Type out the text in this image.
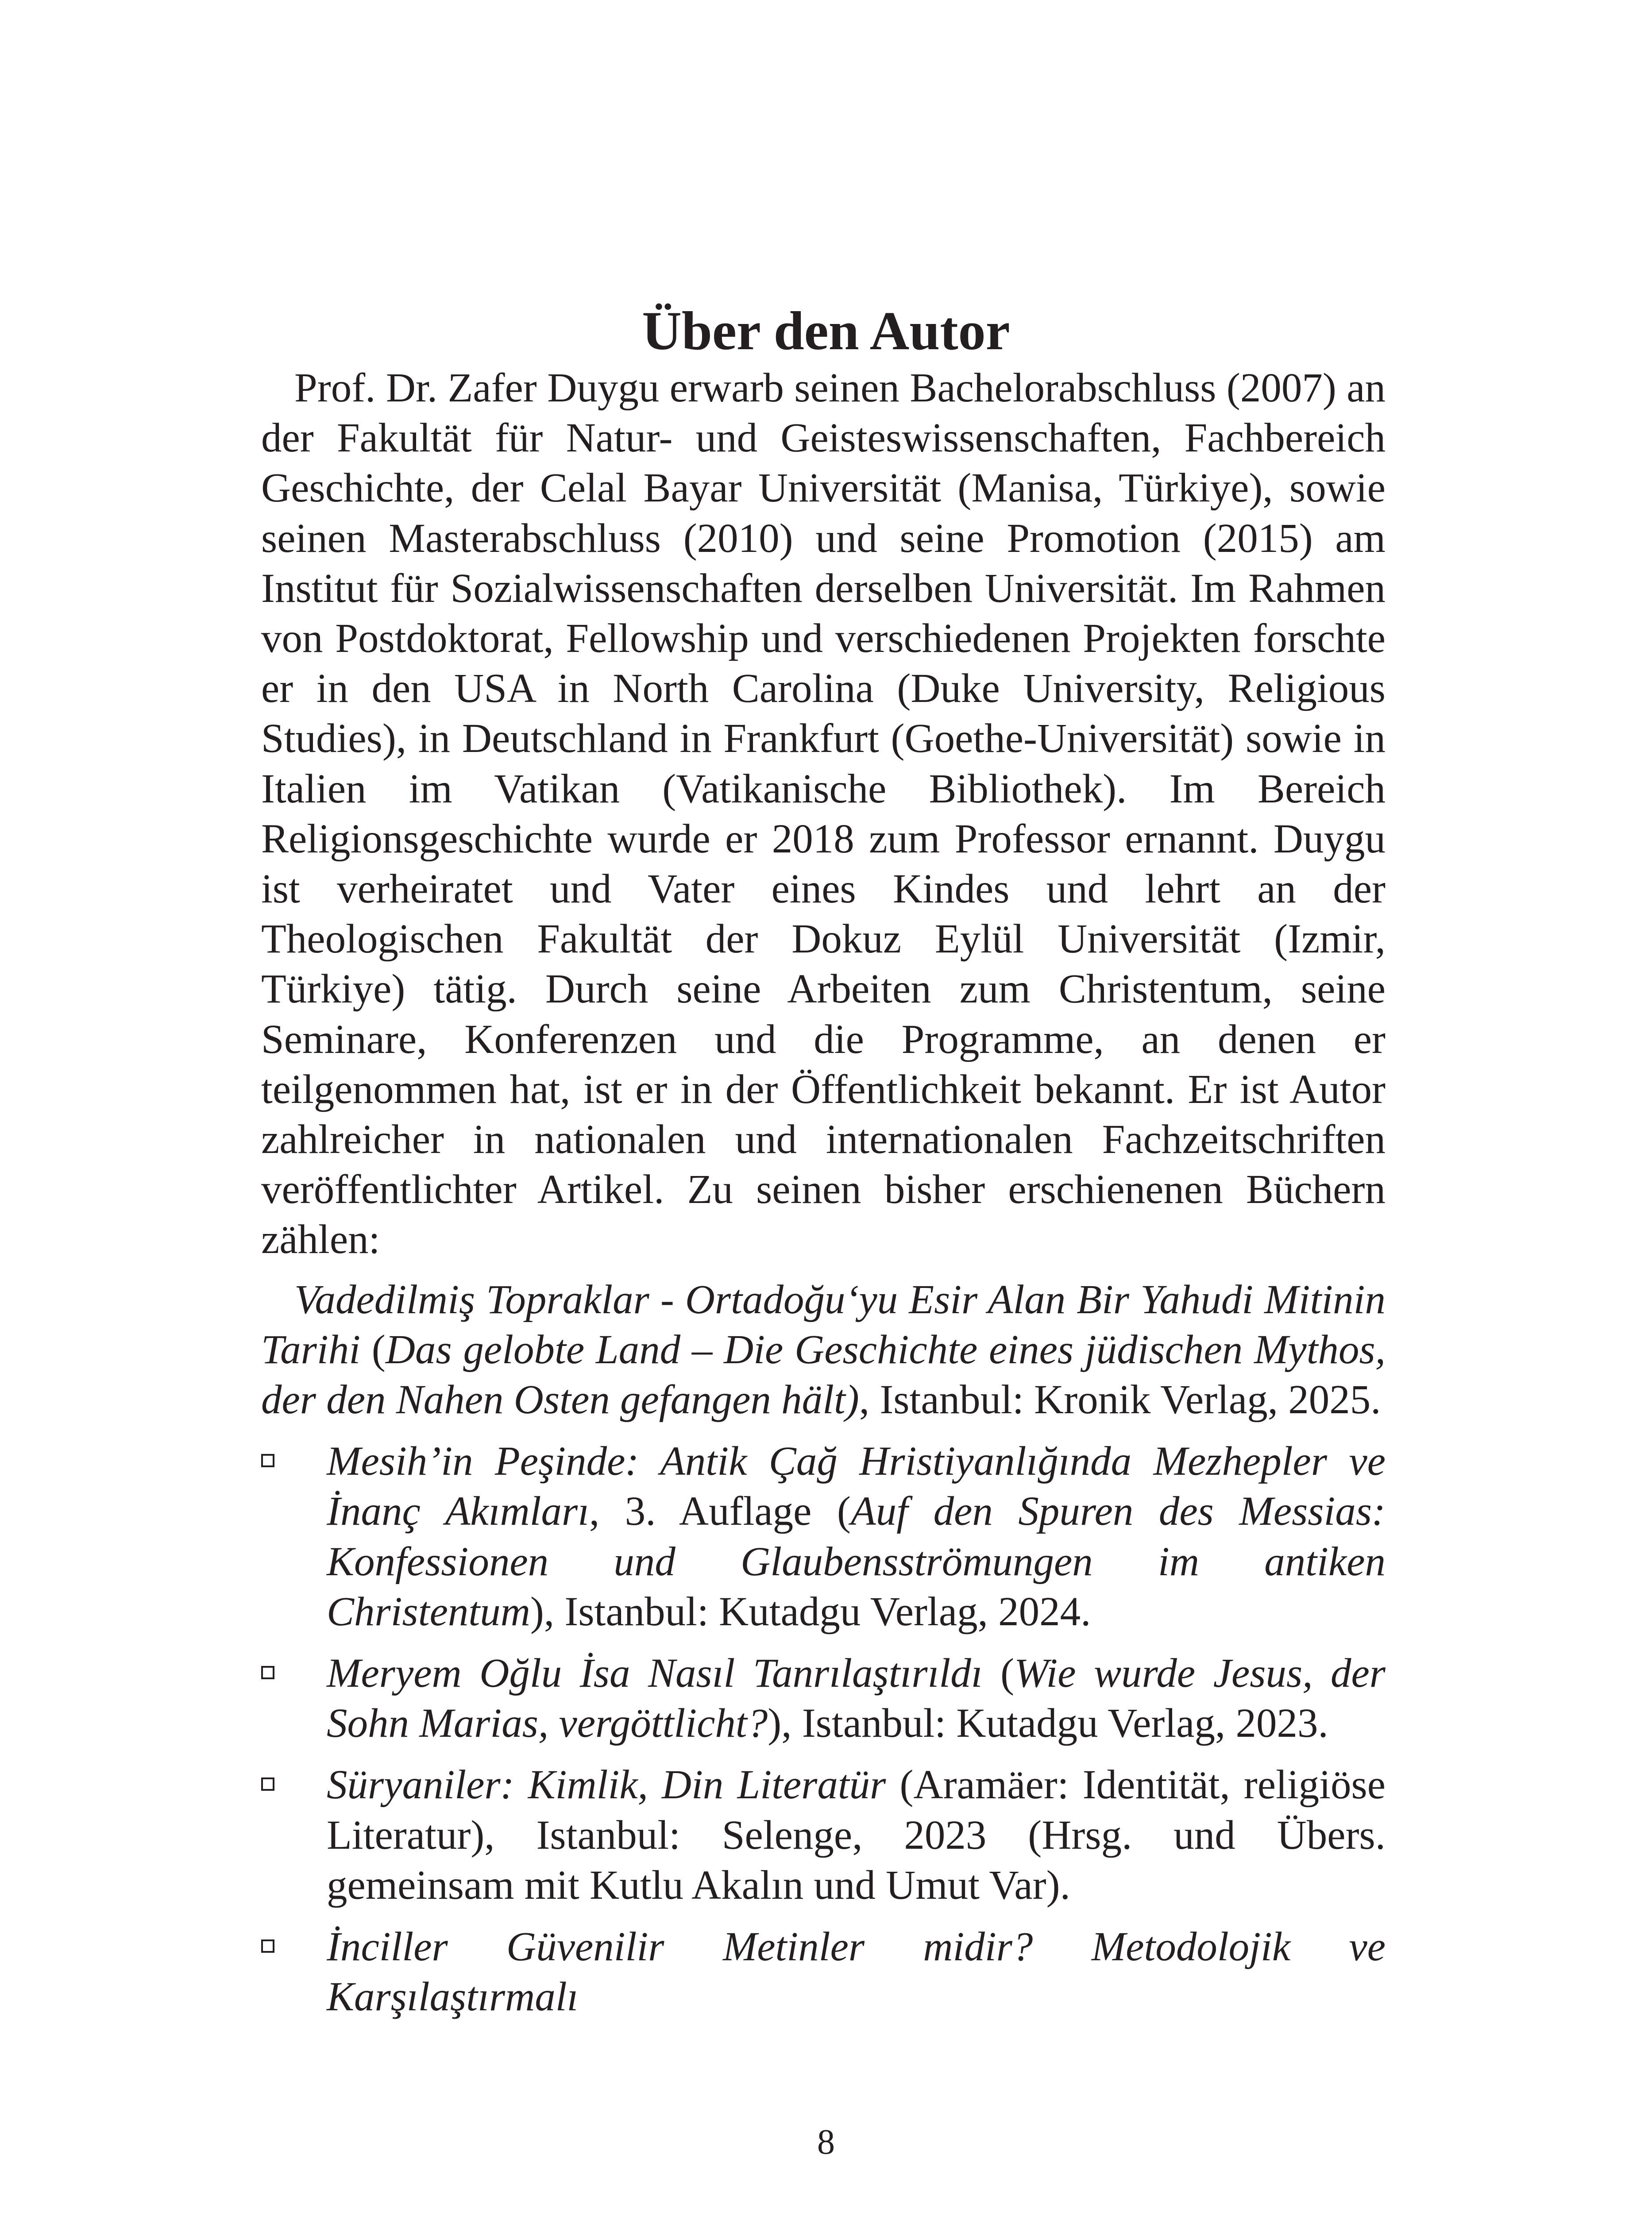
Über den Autor

Prof. Dr. Zafer Duygu erwarb seinen Bachelorabschluss (2007) an der Fakultät für Natur- und Geisteswissenschaften, Fachbereich Geschichte, der Celal Bayar Universität (Manisa, Türkiye), sowie seinen Masterabschluss (2010) und seine Promotion (2015) am Institut für Sozialwissenschaften derselben Universität. Im Rahmen von Postdoktorat, Fellowship und verschiedenen Projekten forschte er in den USA in North Carolina (Duke University, Religious Studies), in Deutschland in Frankfurt (Goethe-Universität) sowie in Italien im Vatikan (Vatikanische Bibliothek). Im Bereich Religionsgeschichte wurde er 2018 zum Professor ernannt. Duygu ist verheiratet und Vater eines Kindes und lehrt an der Theologischen Fakultät der Dokuz Eylül Universität (Izmir, Türkiye) tätig. Durch seine Arbeiten zum Christentum, seine Seminare, Konferenzen und die Programme, an denen er teilgenommen hat, ist er in der Öffentlichkeit bekannt. Er ist Autor zahlreicher in nationalen und internationalen Fachzeitschriften veröffentlichter Artikel. Zu seinen bisher erschienenen Büchern zählen:

Vadedilmiş Topraklar - Ortadoğu‘yu Esir Alan Bir Yahudi Mitinin Tarihi (Das gelobte Land – Die Geschichte eines jüdischen Mythos, der den Nahen Osten gefangen hält), Istanbul: Kronik Verlag, 2025.

Mesih’in Peşinde: Antik Çağ Hristiyanlığında Mezhepler ve İnanç Akımları, 3. Auflage (Auf den Spuren des Messias: Konfessionen und Glaubensströmungen im antiken Christentum), Istanbul: Kutadgu Verlag, 2024.
Meryem Oğlu İsa Nasıl Tanrılaştırıldı (Wie wurde Jesus, der Sohn Marias, vergöttlicht?), Istanbul: Kutadgu Verlag, 2023.
Süryaniler: Kimlik, Din Literatür (Aramäer: Identität, religiöse Literatur), Istanbul: Selenge, 2023 (Hrsg. und Übers. gemeinsam mit Kutlu Akalın und Umut Var).
İnciller Güvenilir Metinler midir? Metodolojik ve Karşılaştırmalı
8
